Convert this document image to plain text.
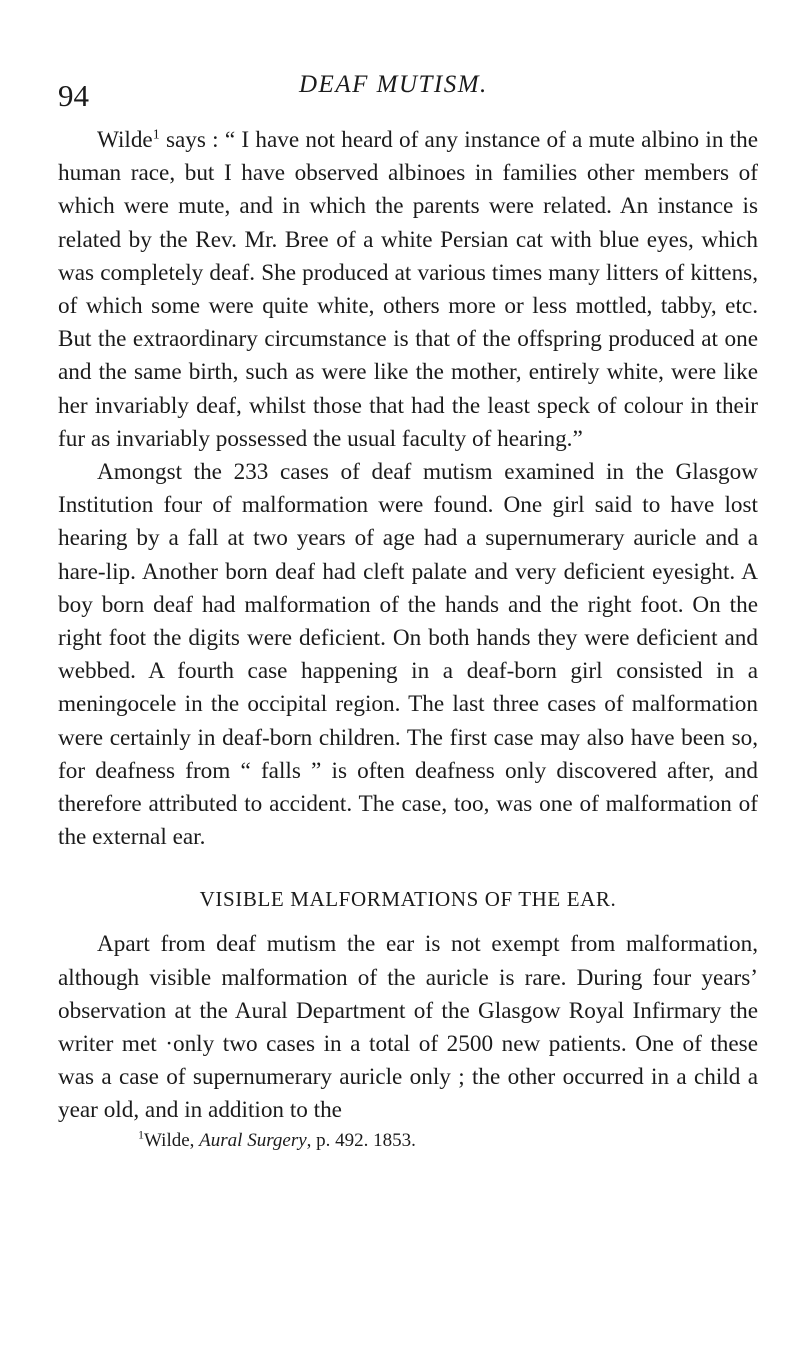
94	DEAF MUTISM.

Wilde$^1$ says : “ I have not heard of any instance of a mute albino in the human race, but I have observed albinoes in families other members of which were mute, and in which the parents were related. An instance is related by the Rev. Mr. Bree of a white Persian cat with blue eyes, which was completely deaf. She produced at various times many litters of kittens, of which some were quite white, others more or less mottled, tabby, etc. But the extraordinary circumstance is that of the offspring produced at one and the same birth, such as were like the mother, entirely white, were like her invariably deaf, whilst those that had the least speck of colour in their fur as invariably possessed the usual faculty of hearing.”

Amongst the 233 cases of deaf mutism examined in the Glasgow Institution four of malformation were found. One girl said to have lost hearing by a fall at two years of age had a supernumerary auricle and a hare-lip. Another born deaf had cleft palate and very deficient eyesight. A boy born deaf had malformation of the hands and the right foot. On the right foot the digits were deficient. On both hands they were deficient and webbed. A fourth case happening in a deaf-born girl consisted in a meningocele in the occipital region. The last three cases of malformation were certainly in deaf-born children. The first case may also have been so, for deafness from “ falls ” is often deafness only discovered after, and therefore attributed to accident. The case, too, was one of malformation of the external ear.

VISIBLE MALFORMATIONS OF THE EAR.

Apart from deaf mutism the ear is not exempt from malformation, although visible malformation of the auricle is rare. During four years’ observation at the Aural Department of the Glasgow Royal Infirmary the writer met ·only two cases in a total of 2500 new patients. One of these was a case of supernumerary auricle only ; the other occurred in a child a year old, and in addition to the

$^1$Wilde, Aural Surgery, p. 492. 1853.
